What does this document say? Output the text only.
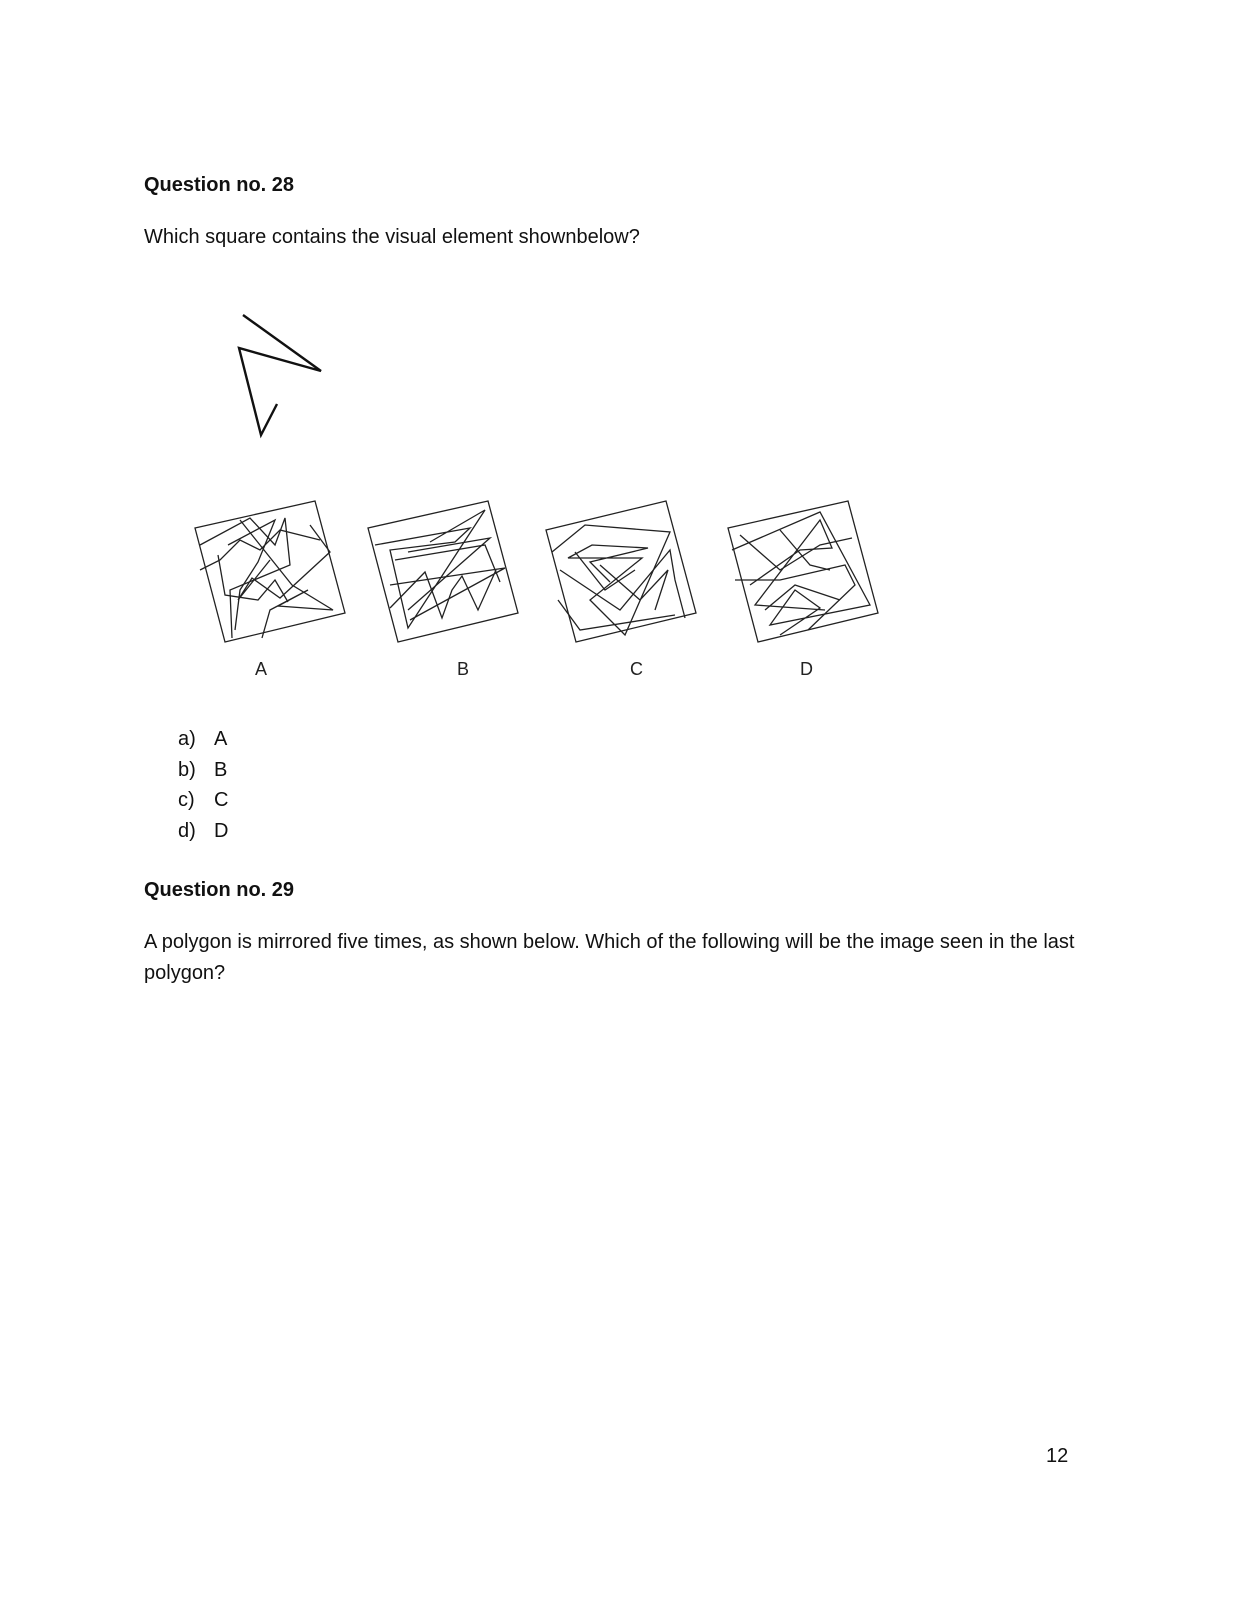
Question no. 28

Which square contains the visual element shownbelow?

A	B	C	D
a) A
b) B
c) C
d) D
Question no. 29

A polygon is mirrored five times, as shown below. Which of the following will be the image seen in the last polygon?

12
